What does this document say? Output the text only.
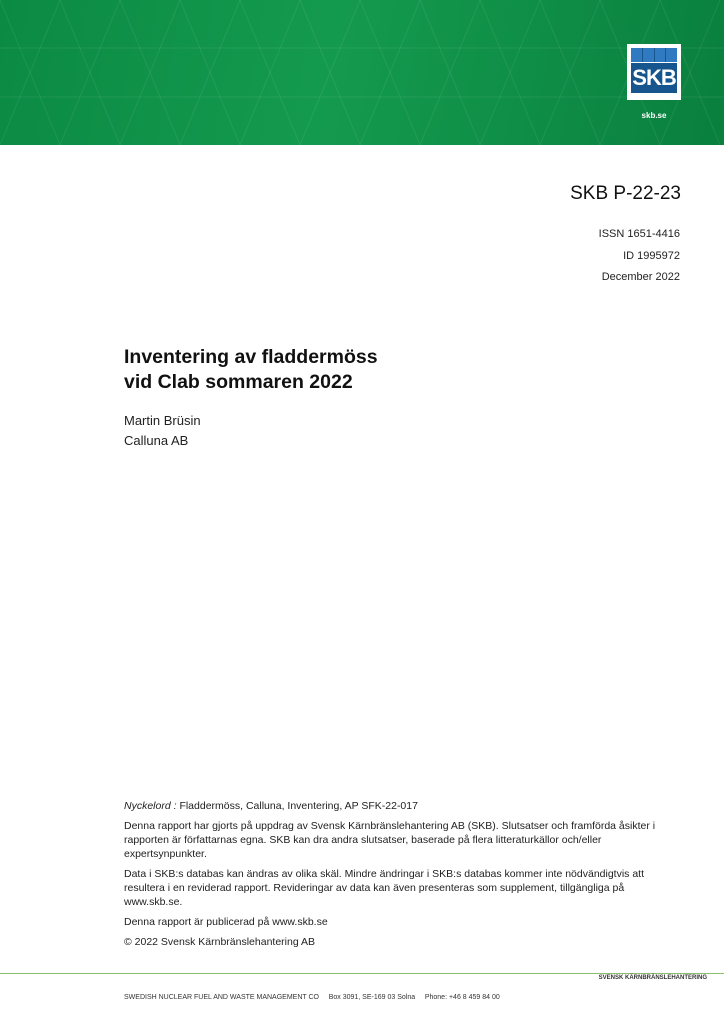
SKB
skb.se
SKB P-22-23
ISSN 1651-4416
ID 1995972
December 2022
Inventering av fladdermöss
vid Clab sommaren 2022
Martin Brüsin
Calluna AB

Nyckelord : Fladdermöss, Calluna, Inventering, AP SFK-22-017

Denna rapport har gjorts på uppdrag av Svensk Kärnbränslehantering AB (SKB). Slutsatser och framförda åsikter i rapporten är författarnas egna. SKB kan dra andra slutsatser, baserade på flera litteraturkällor och/eller expertsynpunkter.

Data i SKB:s databas kan ändras av olika skäl. Mindre ändringar i SKB:s databas kommer inte nödvändigtvis att resultera i en reviderad rapport. Revideringar av data kan även presenteras som supplement, tillgängliga på www.skb.se.

Denna rapport är publicerad på www.skb.se

© 2022 Svensk Kärnbränslehantering AB

SVENSK KÄRNBRÄNSLEHANTERING
SWEDISH NUCLEAR FUEL AND WASTE MANAGEMENT CO     Box 3091, SE-169 03 Solna     Phone: +46 8 459 84 00
